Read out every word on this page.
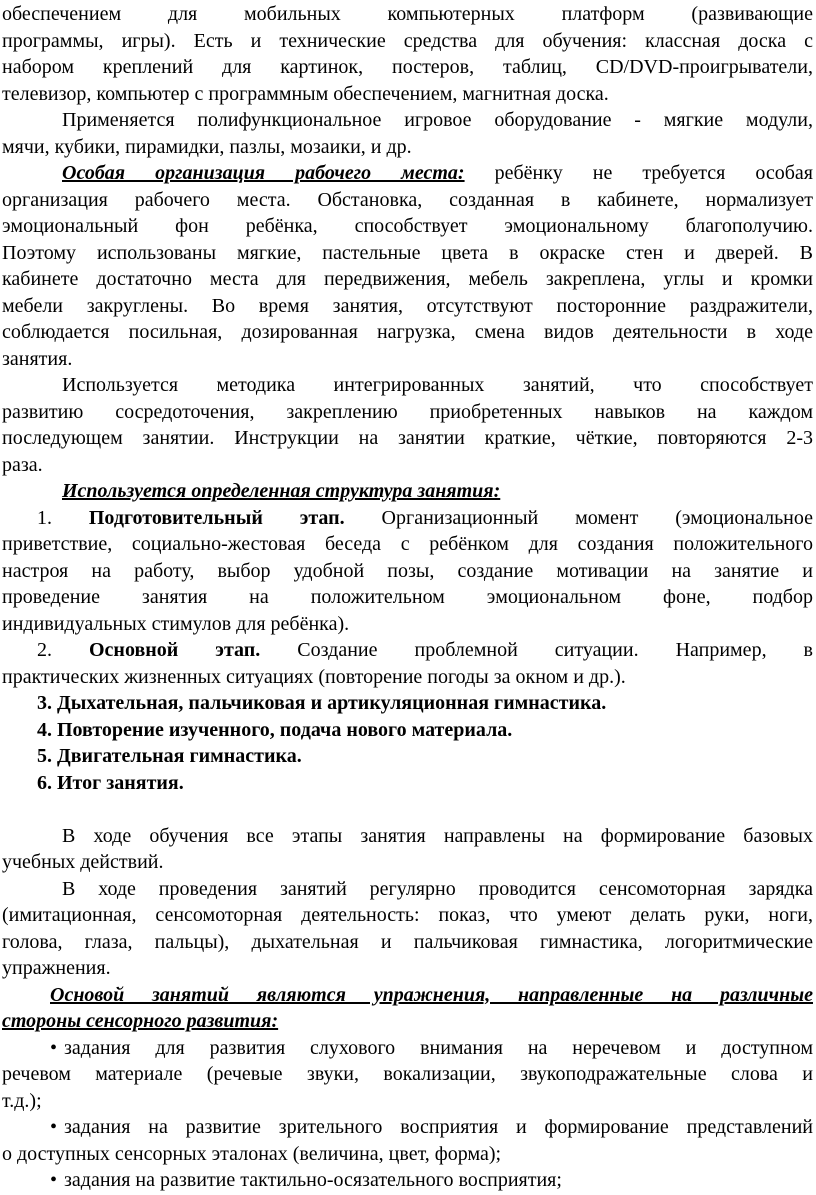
обеспечением для мобильных компьютерных платформ (развивающие
программы, игры). Есть и технические средства для обучения: классная доска с
набором креплений для картинок, постеров, таблиц, CD/DVD-проигрыватели,
телевизор, компьютер с программным обеспечением, магнитная доска.
Применяется полифункциональное игровое оборудование - мягкие модули,
мячи, кубики, пирамидки, пазлы, мозаики, и др.
Особая организация рабочего места: ребёнку не требуется особая
организация рабочего места. Обстановка, созданная в кабинете, нормализует
эмоциональный фон ребёнка, способствует эмоциональному благополучию.
Поэтому использованы мягкие, пастельные цвета в окраске стен и дверей. В
кабинете достаточно места для передвижения, мебель закреплена, углы и кромки
мебели закруглены. Во время занятия, отсутствуют посторонние раздражители,
соблюдается посильная, дозированная нагрузка, смена видов деятельности в ходе
занятия.
Используется методика интегрированных занятий, что способствует
развитию сосредоточения, закреплению приобретенных навыков на каждом
последующем занятии. Инструкции на занятии краткие, чёткие, повторяются 2-3
раза.
Используется определенная структура занятия:
1. Подготовительный этап. Организационный момент (эмоциональное
приветствие, социально-жестовая беседа с ребёнком для создания положительного
настроя на работу, выбор удобной позы, создание мотивации на занятие и
проведение занятия на положительном эмоциональном фоне, подбор
индивидуальных стимулов для ребёнка).
2. Основной этап. Создание проблемной ситуации. Например, в
практических жизненных ситуациях (повторение погоды за окном и др.).
3. Дыхательная, пальчиковая и артикуляционная гимнастика.
4. Повторение изученного, подача нового материала.
5. Двигательная гимнастика.
6. Итог занятия.
В ходе обучения все этапы занятия направлены на формирование базовых
учебных действий.
В ходе проведения занятий регулярно проводится сенсомоторная зарядка
(имитационная, сенсомоторная деятельность: показ, что умеют делать руки, ноги,
голова, глаза, пальцы), дыхательная и пальчиковая гимнастика, логоритмические
упражнения.
Основой занятий являются упражнения, направленные на различные
стороны сенсорного развития:
• задания для развития слухового внимания на неречевом и доступном
речевом материале (речевые звуки, вокализации, звукоподражательные слова и
т.д.);
• задания на развитие зрительного восприятия и формирование представлений
о доступных сенсорных эталонах (величина, цвет, форма);
• задания на развитие тактильно-осязательного восприятия;
